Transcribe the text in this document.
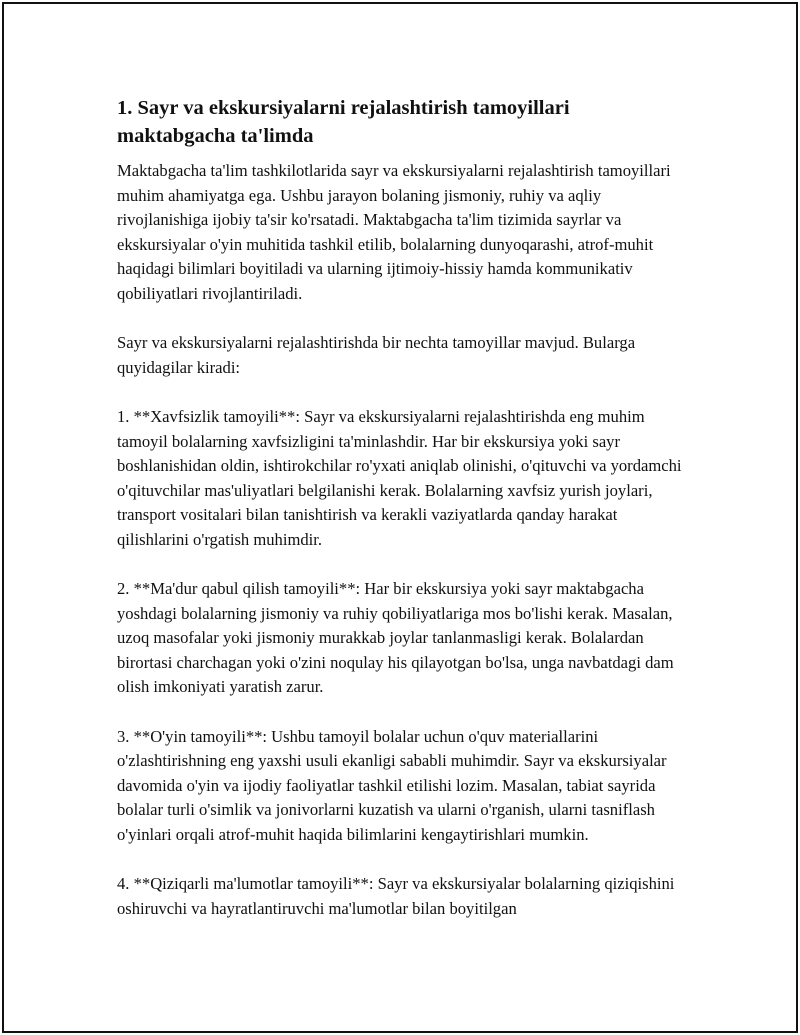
1. Sayr va ekskursiyalarni rejalashtirish tamoyillari maktabgacha ta'limda

Maktabgacha ta'lim tashkilotlarida sayr va ekskursiyalarni rejalashtirish tamoyillari muhim ahamiyatga ega. Ushbu jarayon bolaning jismoniy, ruhiy va aqliy rivojlanishiga ijobiy ta'sir ko'rsatadi. Maktabgacha ta'lim tizimida sayrlar va ekskursiyalar o'yin muhitida tashkil etilib, bolalarning dunyoqarashi, atrof-muhit haqidagi bilimlari boyitiladi va ularning ijtimoiy-hissiy hamda kommunikativ qobiliyatlari rivojlantiriladi.

Sayr va ekskursiyalarni rejalashtirishda bir nechta tamoyillar mavjud. Bularga quyidagilar kiradi:

1. **Xavfsizlik tamoyili**: Sayr va ekskursiyalarni rejalashtirishda eng muhim tamoyil bolalarning xavfsizligini ta'minlashdir. Har bir ekskursiya yoki sayr boshlanishidan oldin, ishtirokchilar ro'yxati aniqlab olinishi, o'qituvchi va yordamchi o'qituvchilar mas'uliyatlari belgilanishi kerak. Bolalarning xavfsiz yurish joylari, transport vositalari bilan tanishtirish va kerakli vaziyatlarda qanday harakat qilishlarini o'rgatish muhimdir.

2. **Ma'dur qabul qilish tamoyili**: Har bir ekskursiya yoki sayr maktabgacha yoshdagi bolalarning jismoniy va ruhiy qobiliyatlariga mos bo'lishi kerak. Masalan, uzoq masofalar yoki jismoniy murakkab joylar tanlanmasligi kerak. Bolalardan birortasi charchagan yoki o'zini noqulay his qilayotgan bo'lsa, unga navbatdagi dam olish imkoniyati yaratish zarur.

3. **O'yin tamoyili**: Ushbu tamoyil bolalar uchun o'quv materiallarini o'zlashtirishning eng yaxshi usuli ekanligi sababli muhimdir. Sayr va ekskursiyalar davomida o'yin va ijodiy faoliyatlar tashkil etilishi lozim. Masalan, tabiat sayrida bolalar turli o'simlik va jonivorlarni kuzatish va ularni o'rganish, ularni tasniflash o'yinlari orqali atrof-muhit haqida bilimlarini kengaytirishlari mumkin.

4. **Qiziqarli ma'lumotlar tamoyili**: Sayr va ekskursiyalar bolalarning qiziqishini oshiruvchi va hayratlantiruvchi ma'lumotlar bilan boyitilgan
